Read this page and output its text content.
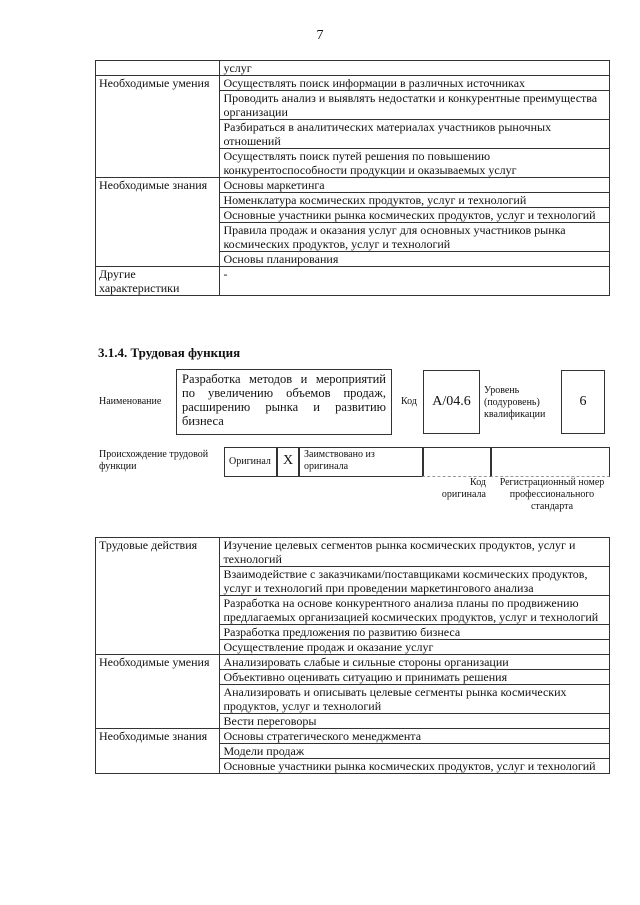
7
	услуг
Необходимые умения	Осуществлять поиск информации в различных источниках
	Проводить анализ и выявлять недостатки и конкурентные преимущества организации
	Разбираться в аналитических материалах участников рыночных отношений
	Осуществлять поиск путей решения по повышению конкурентоспособности продукции и оказываемых услуг
Необходимые знания	Основы маркетинга
	Номенклатура космических продуктов, услуг и технологий
	Основные участники рынка космических продуктов, услуг и технологий
	Правила продаж и оказания услуг для основных участников рынка космических продуктов, услуг и технологий
	Основы планирования
Другие характеристики	-
3.1.4. Трудовая функция
Наименование
Разработка методов и мероприятий по увеличению объемов продаж, расширению рынка и развитию бизнеса
Код A/04.6
Уровень (подуровень) квалификации
6
Происхождение трудовой функции	Оригинал X Заимствовано из оригинала
Код оригинала
Регистрационный номер профессионального стандарта
Трудовые действия	Изучение целевых сегментов рынка космических продуктов, услуг и технологий
	Взаимодействие с заказчиками/поставщиками космических продуктов, услуг и технологий при проведении маркетингового анализа
	Разработка на основе конкурентного анализа планы по продвижению предлагаемых организацией космических продуктов, услуг и технологий
	Разработка предложения по развитию бизнеса
	Осуществление продаж и оказание услуг
Необходимые умения	Анализировать слабые и сильные стороны организации
	Объективно оценивать ситуацию и принимать решения
	Анализировать и описывать целевые сегменты рынка космических продуктов, услуг и технологий
	Вести переговоры
Необходимые знания	Основы стратегического менеджмента
	Модели продаж
	Основные участники рынка космических продуктов, услуг и технологий
